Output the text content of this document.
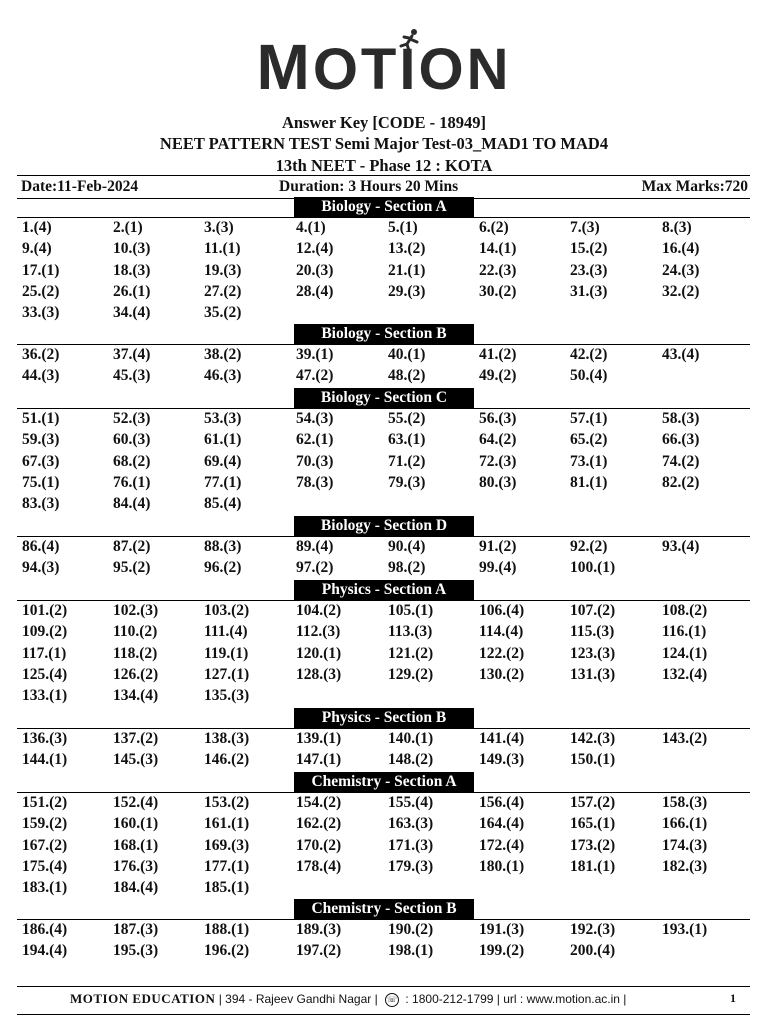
MOTION
Answer Key [CODE - 18949]
NEET PATTERN TEST Semi Major Test-03_MAD1 TO MAD4
13th NEET - Phase 12 : KOTA
Date:11-Feb-2024	Duration: 3 Hours 20 Mins	Max Marks:720
Biology - Section A
1.(4)	2.(1)	3.(3)	4.(1)	5.(1)	6.(2)	7.(3)	8.(3)
9.(4)	10.(3)	11.(1)	12.(4)	13.(2)	14.(1)	15.(2)	16.(4)
17.(1)	18.(3)	19.(3)	20.(3)	21.(1)	22.(3)	23.(3)	24.(3)
25.(2)	26.(1)	27.(2)	28.(4)	29.(3)	30.(2)	31.(3)	32.(2)
33.(3)	34.(4)	35.(2)
Biology - Section B
36.(2)	37.(4)	38.(2)	39.(1)	40.(1)	41.(2)	42.(2)	43.(4)
44.(3)	45.(3)	46.(3)	47.(2)	48.(2)	49.(2)	50.(4)
Biology - Section C
51.(1)	52.(3)	53.(3)	54.(3)	55.(2)	56.(3)	57.(1)	58.(3)
59.(3)	60.(3)	61.(1)	62.(1)	63.(1)	64.(2)	65.(2)	66.(3)
67.(3)	68.(2)	69.(4)	70.(3)	71.(2)	72.(3)	73.(1)	74.(2)
75.(1)	76.(1)	77.(1)	78.(3)	79.(3)	80.(3)	81.(1)	82.(2)
83.(3)	84.(4)	85.(4)
Biology - Section D
86.(4)	87.(2)	88.(3)	89.(4)	90.(4)	91.(2)	92.(2)	93.(4)
94.(3)	95.(2)	96.(2)	97.(2)	98.(2)	99.(4)	100.(1)
Physics - Section A
101.(2)	102.(3)	103.(2)	104.(2)	105.(1)	106.(4)	107.(2)	108.(2)
109.(2)	110.(2)	111.(4)	112.(3)	113.(3)	114.(4)	115.(3)	116.(1)
117.(1)	118.(2)	119.(1)	120.(1)	121.(2)	122.(2)	123.(3)	124.(1)
125.(4)	126.(2)	127.(1)	128.(3)	129.(2)	130.(2)	131.(3)	132.(4)
133.(1)	134.(4)	135.(3)
Physics - Section B
136.(3)	137.(2)	138.(3)	139.(1)	140.(1)	141.(4)	142.(3)	143.(2)
144.(1)	145.(3)	146.(2)	147.(1)	148.(2)	149.(3)	150.(1)
Chemistry - Section A
151.(2)	152.(4)	153.(2)	154.(2)	155.(4)	156.(4)	157.(2)	158.(3)
159.(2)	160.(1)	161.(1)	162.(2)	163.(3)	164.(4)	165.(1)	166.(1)
167.(2)	168.(1)	169.(3)	170.(2)	171.(3)	172.(4)	173.(2)	174.(3)
175.(4)	176.(3)	177.(1)	178.(4)	179.(3)	180.(1)	181.(1)	182.(3)
183.(1)	184.(4)	185.(1)
Chemistry - Section B
186.(4)	187.(3)	188.(1)	189.(3)	190.(2)	191.(3)	192.(3)	193.(1)
194.(4)	195.(3)	196.(2)	197.(2)	198.(1)	199.(2)	200.(4)
MOTION EDUCATION | 394 - Rajeev Gandhi Nagar | ☏ : 1800-212-1799 | url : www.motion.ac.in |	1
